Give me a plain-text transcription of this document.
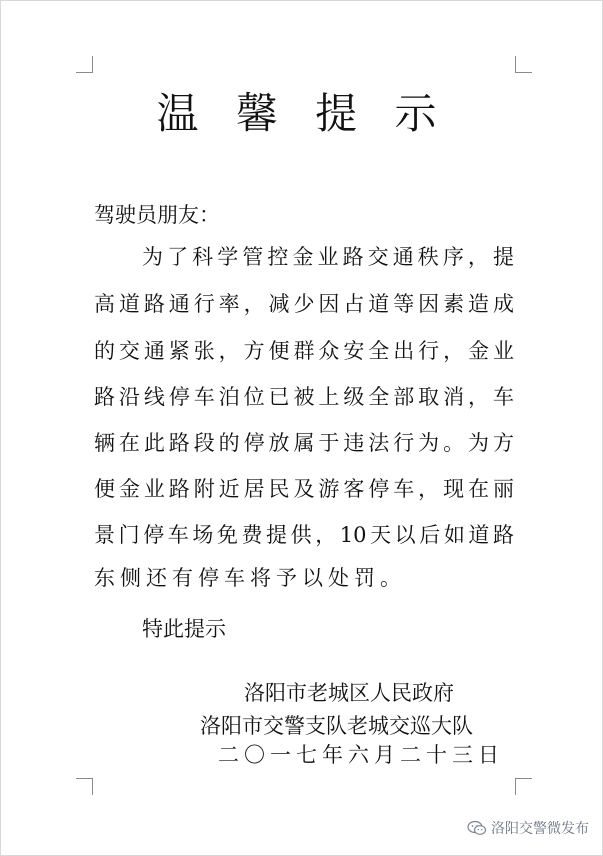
温 馨 提 示
驾驶员朋友：
为了科学管控金业路交通秩序，提
高道路通行率，减少因占道等因素造成
的交通紧张，方便群众安全出行，金业
路沿线停车泊位已被上级全部取消，车
辆在此路段的停放属于违法行为。为方
便金业路附近居民及游客停车，现在丽
景门停车场免费提供，10天以后如道路
东侧还有停车将予以处罚。
特此提示
洛阳市老城区人民政府
洛阳市交警支队老城交巡大队
二〇一七年六月二十三日
洛阳交警微发布
